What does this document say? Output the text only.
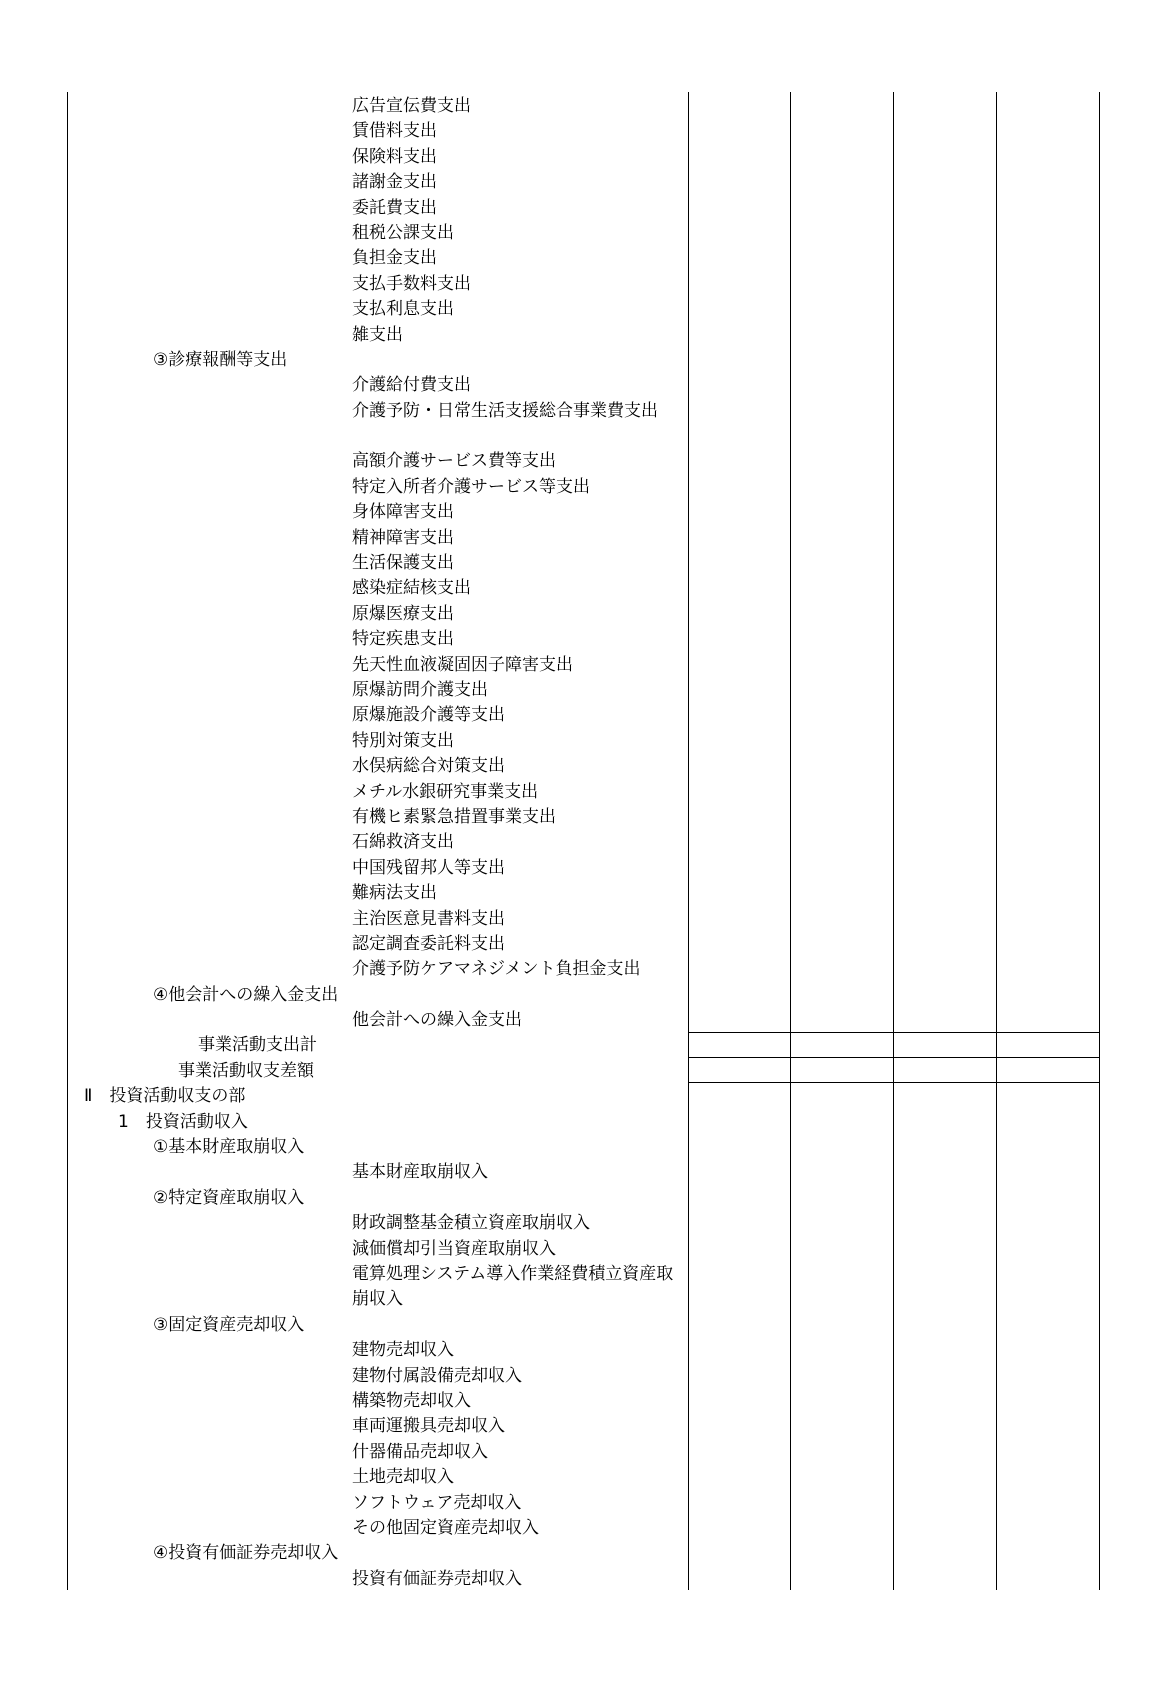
広告宣伝費支出
賃借料支出
保険料支出
諸謝金支出
委託費支出
租税公課支出
負担金支出
支払手数料支出
支払利息支出
雑支出
③診療報酬等支出
介護給付費支出
介護予防・日常生活支援総合事業費支出
高額介護サービス費等支出
特定入所者介護サービス等支出
身体障害支出
精神障害支出
生活保護支出
感染症結核支出
原爆医療支出
特定疾患支出
先天性血液凝固因子障害支出
原爆訪問介護支出
原爆施設介護等支出
特別対策支出
水俣病総合対策支出
メチル水銀研究事業支出
有機ヒ素緊急措置事業支出
石綿救済支出
中国残留邦人等支出
難病法支出
主治医意見書料支出
認定調査委託料支出
介護予防ケアマネジメント負担金支出
④他会計への繰入金支出
他会計への繰入金支出
事業活動支出計
事業活動収支差額
Ⅱ　投資活動収支の部
1　投資活動収入
①基本財産取崩収入
基本財産取崩収入
②特定資産取崩収入
財政調整基金積立資産取崩収入
減価償却引当資産取崩収入
電算処理システム導入作業経費積立資産取崩収入
③固定資産売却収入
建物売却収入
建物付属設備売却収入
構築物売却収入
車両運搬具売却収入
什器備品売却収入
土地売却収入
ソフトウェア売却収入
その他固定資産売却収入
④投資有価証券売却収入
投資有価証券売却収入
